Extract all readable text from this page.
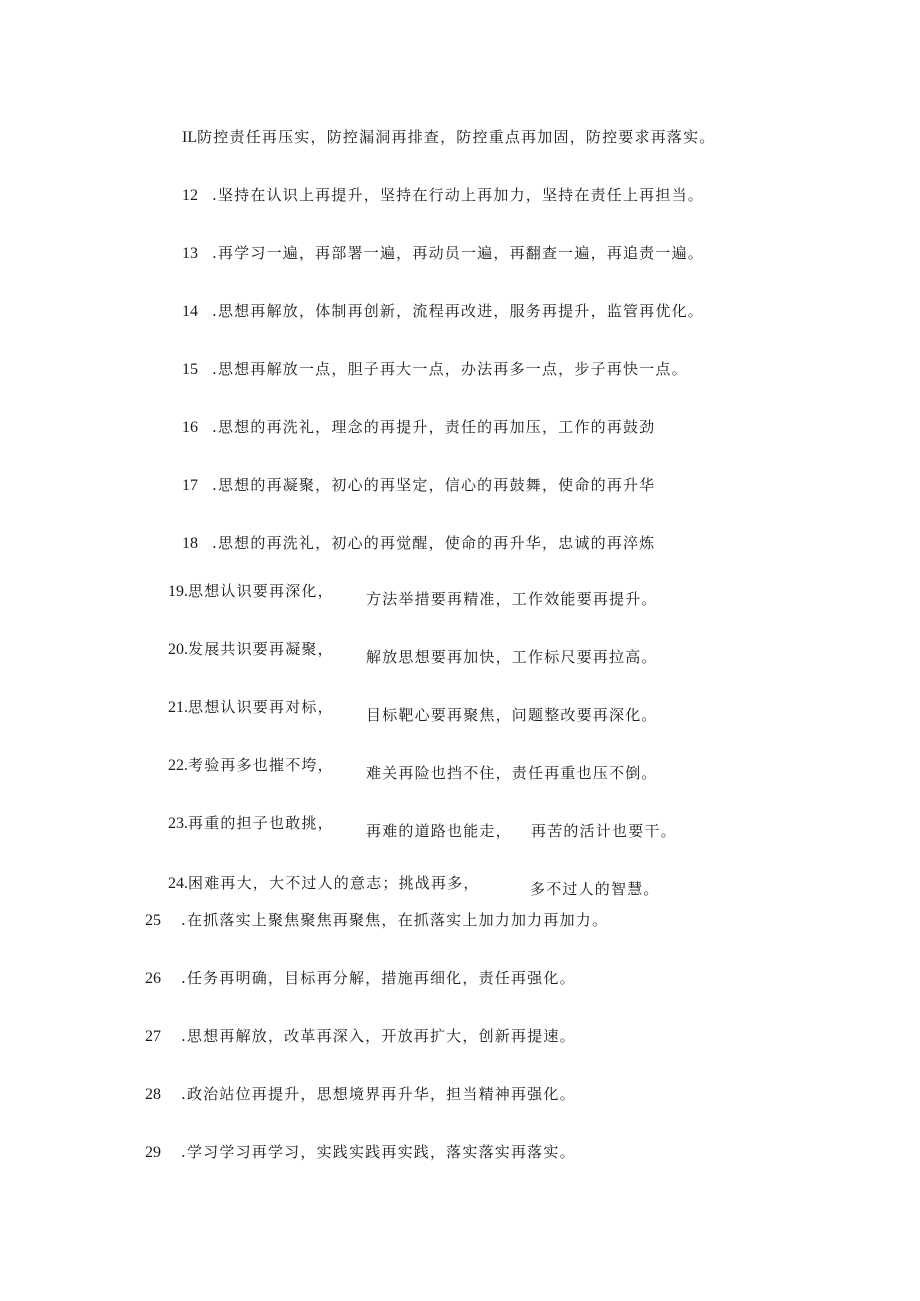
IL防控责任再压实，防控漏洞再排查，防控重点再加固，防控要求再落实。
12 .坚持在认识上再提升，坚持在行动上再加力，坚持在责任上再担当。
13 .再学习一遍，再部署一遍，再动员一遍，再翻查一遍，再追责一遍。
14 .思想再解放，体制再创新，流程再改进，服务再提升，监管再优化。
15 .思想再解放一点，胆子再大一点，办法再多一点，步子再快一点。
16 .思想的再洗礼，理念的再提升，责任的再加压，工作的再鼓劲
17 .思想的再凝聚，初心的再坚定，信心的再鼓舞，使命的再升华
18 .思想的再洗礼，初心的再觉醒，使命的再升华，忠诚的再淬炼
19.思想认识要再深化， 方法举措要再精准，工作效能要再提升。
20.发展共识要再凝聚， 解放思想要再加快，工作标尺要再拉高。
21.思想认识要再对标， 目标靶心要再聚焦，问题整改要再深化。
22.考验再多也摧不垮， 难关再险也挡不住，责任再重也压不倒。
23.再重的担子也敢挑， 再难的道路也能走， 再苦的活计也要干。
24.困难再大，大不过人的意志；挑战再多，	多不过人的智慧。
25 .在抓落实上聚焦聚焦再聚焦，在抓落实上加力加力再加力。
26 .任务再明确，目标再分解，措施再细化，责任再强化。
27 .思想再解放，改革再深入，开放再扩大，创新再提速。
28 .政治站位再提升，思想境界再升华，担当精神再强化。
29 .学习学习再学习，实践实践再实践，落实落实再落实。
